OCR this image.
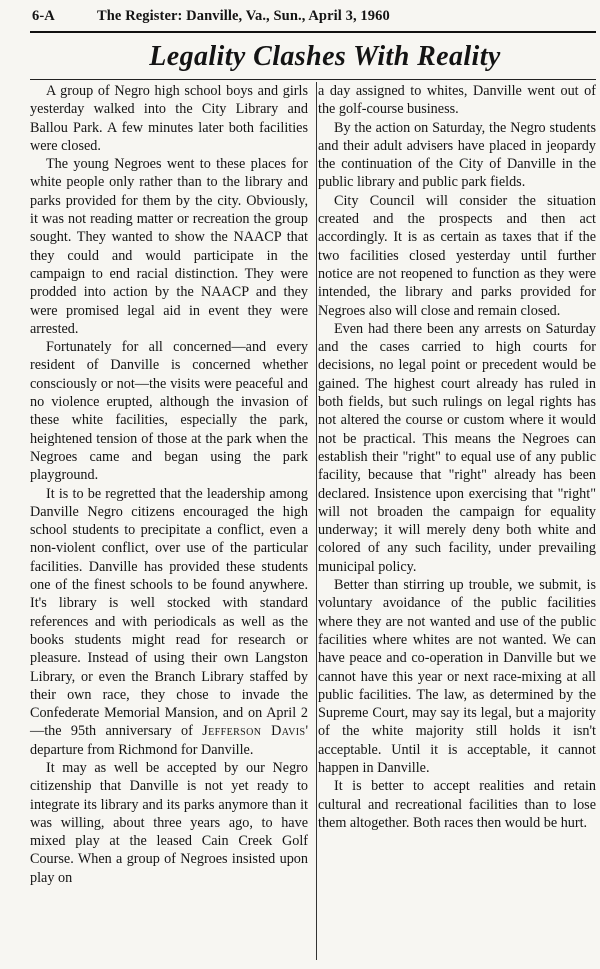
6-A	The Register: Danville, Va., Sun., April 3, 1960
Legality Clashes With Reality

A group of Negro high school boys and girls yesterday walked into the City Library and Ballou Park. A few minutes later both facilities were closed.

The young Negroes went to these places for white people only rather than to the library and parks provided for them by the city. Obviously, it was not reading matter or recreation the group sought. They wanted to show the NAACP that they could and would participate in the campaign to end racial distinction. They were prodded into action by the NAACP and they were promised legal aid in event they were arrested.

Fortunately for all concerned—and every resident of Danville is concerned whether consciously or not—the visits were peaceful and no violence erupted, although the invasion of these white facilities, especially the park, heightened tension of those at the park when the Negroes came and began using the park playground.

It is to be regretted that the leadership among Danville Negro citizens encouraged the high school students to precipitate a conflict, even a non-violent conflict, over use of the particular facilities. Danville has provided these students one of the finest schools to be found anywhere. It's library is well stocked with standard references and with periodicals as well as the books students might read for research or pleasure. Instead of using their own Langston Library, or even the Branch Library staffed by their own race, they chose to invade the Confederate Memorial Mansion, and on April 2—the 95th anniversary of Jefferson Davis' departure from Richmond for Danville.

It may as well be accepted by our Negro citizenship that Danville is not yet ready to integrate its library and its parks anymore than it was willing, about three years ago, to have mixed play at the leased Cain Creek Golf Course. When a group of Negroes insisted upon play on

a day assigned to whites, Danville went out of the golf-course business.

By the action on Saturday, the Negro students and their adult advisers have placed in jeopardy the continuation of the City of Danville in the public library and public park fields.

City Council will consider the situation created and the prospects and then act accordingly. It is as certain as taxes that if the two facilities closed yesterday until further notice are not reopened to function as they were intended, the library and parks provided for Negroes also will close and remain closed.

Even had there been any arrests on Saturday and the cases carried to high courts for decisions, no legal point or precedent would be gained. The highest court already has ruled in both fields, but such rulings on legal rights has not altered the course or custom where it would not be practical. This means the Negroes can establish their "right" to equal use of any public facility, because that "right" already has been declared. Insistence upon exercising that "right" will not broaden the campaign for equality underway; it will merely deny both white and colored of any such facility, under prevailing municipal policy.

Better than stirring up trouble, we submit, is voluntary avoidance of the public facilities where they are not wanted and use of the public facilities where whites are not wanted. We can have peace and co-operation in Danville but we cannot have this year or next race-mixing at all public facilities. The law, as determined by the Supreme Court, may say its legal, but a majority of the white majority still holds it isn't acceptable. Until it is acceptable, it cannot happen in Danville.

It is better to accept realities and retain cultural and recreational facilities than to lose them altogether. Both races then would be hurt.
